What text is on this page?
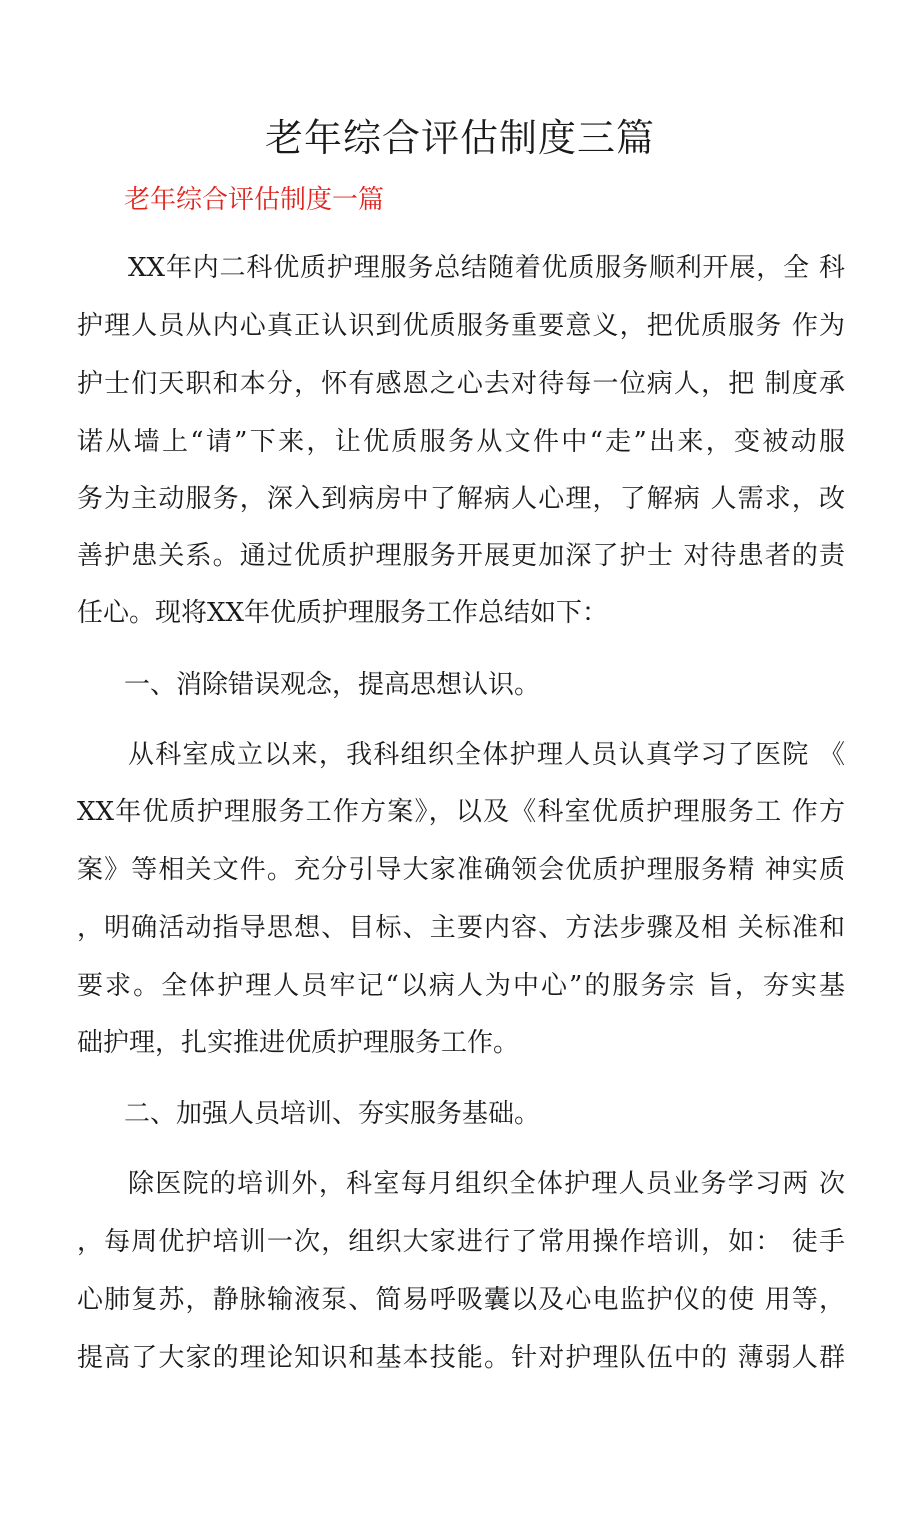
老年综合评估制度三篇
老年综合评估制度一篇
XX年内二科优质护理服务总结随着优质服务顺利开展，全 科
护理人员从内心真正认识到优质服务重要意义，把优质服务 作为
护士们天职和本分，怀有感恩之心去对待每一位病人，把 制度承
诺从墙上“请”下来，让优质服务从文件中“走”出来，变被动服
务为主动服务，深入到病房中了解病人心理，了解病 人需求，改
善护患关系。通过优质护理服务开展更加深了护士 对待患者的责
任心。现将XX年优质护理服务工作总结如下：
一、消除错误观念，提高思想认识。
从科室成立以来，我科组织全体护理人员认真学习了医院 《
XX年优质护理服务工作方案》，以及《科室优质护理服务工 作方
案》等相关文件。充分引导大家准确领会优质护理服务精 神实质
，明确活动指导思想、目标、主要内容、方法步骤及相 关标准和
要求。全体护理人员牢记“以病人为中心”的服务宗 旨，夯实基
础护理，扎实推进优质护理服务工作。
二、加强人员培训、夯实服务基础。
除医院的培训外，科室每月组织全体护理人员业务学习两 次
，每周优护培训一次，组织大家进行了常用操作培训，如： 徒手
心肺复苏，静脉输液泵、简易呼吸囊以及心电监护仪的使 用等，
提高了大家的理论知识和基本技能。针对护理队伍中的 薄弱人群
